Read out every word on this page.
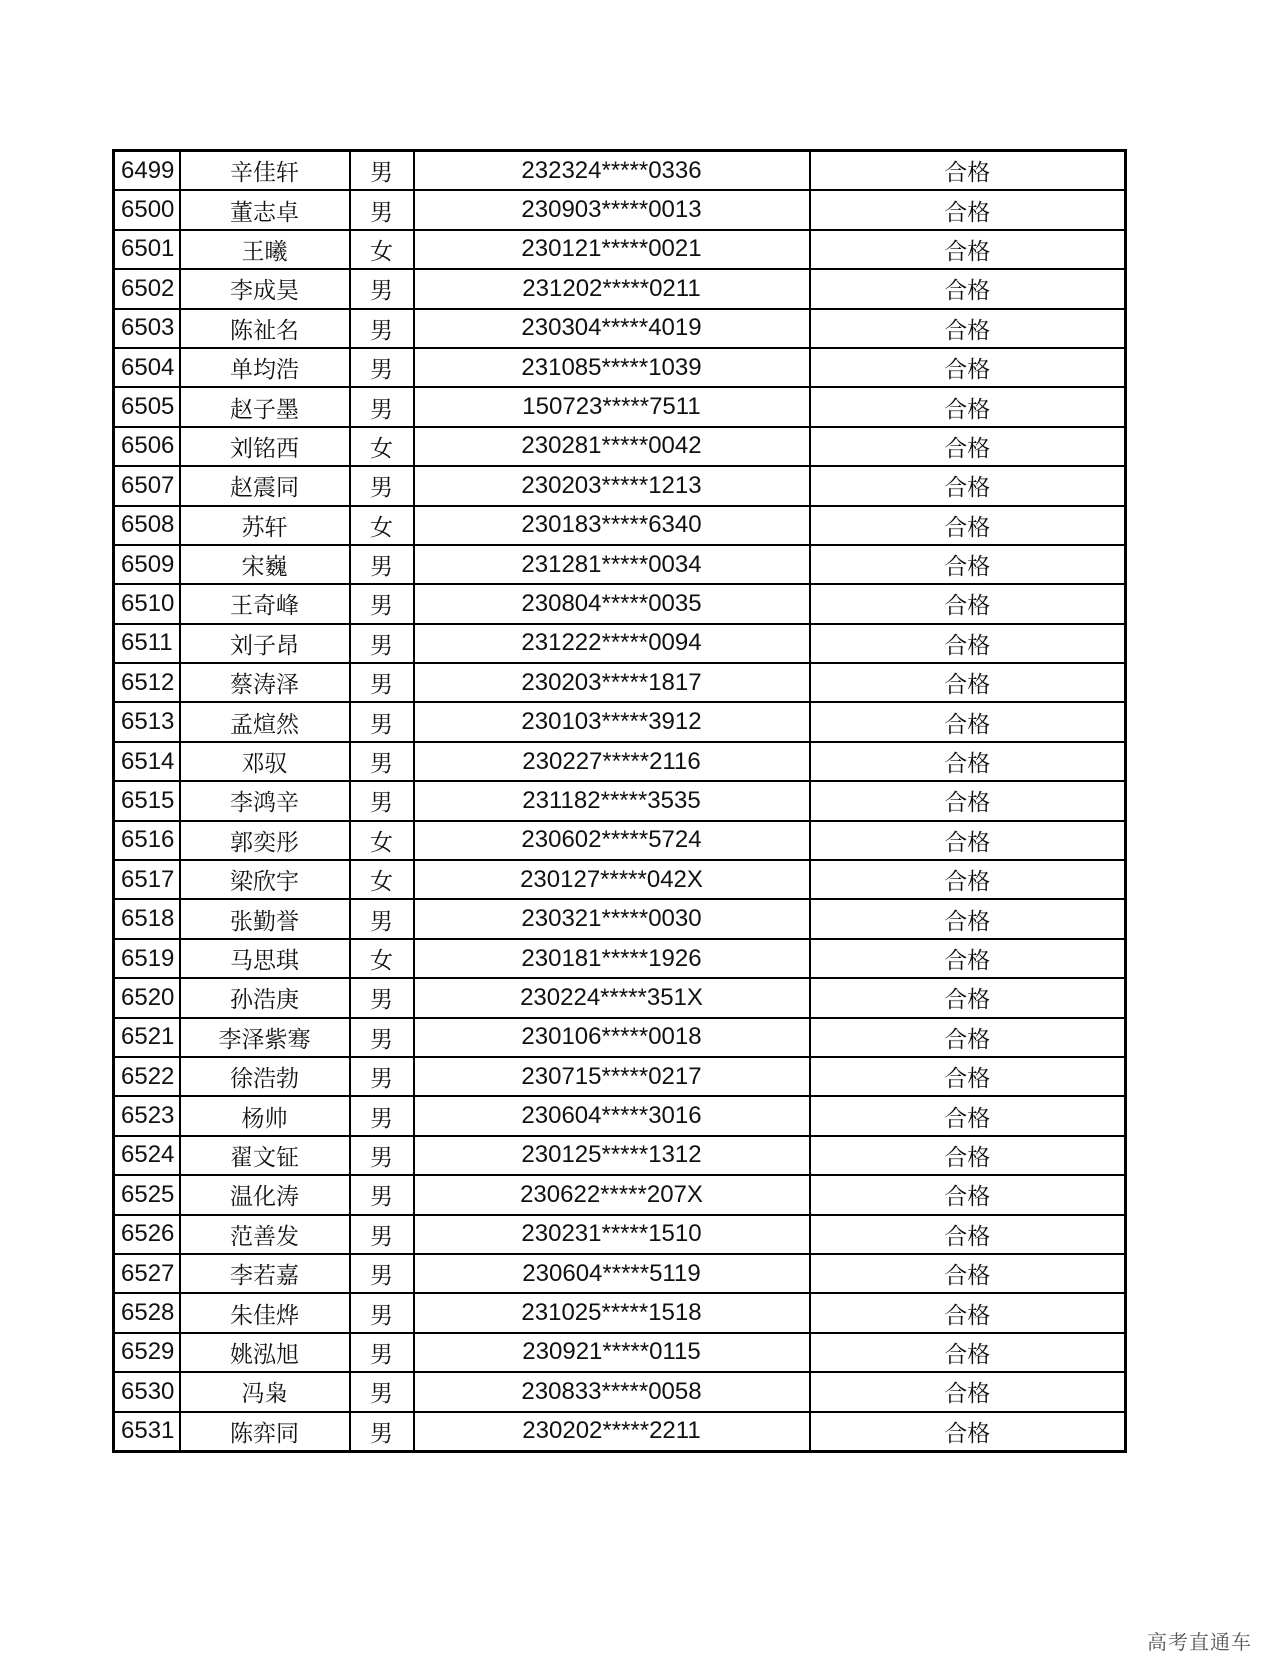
6499	辛佳轩	男	232324*****0336	合格
6500	董志卓	男	230903*****0013	合格
6501	王曦	女	230121*****0021	合格
6502	李成昊	男	231202*****0211	合格
6503	陈祉名	男	230304*****4019	合格
6504	单均浩	男	231085*****1039	合格
6505	赵子墨	男	150723*****7511	合格
6506	刘铭西	女	230281*****0042	合格
6507	赵震同	男	230203*****1213	合格
6508	苏轩	女	230183*****6340	合格
6509	宋巍	男	231281*****0034	合格
6510	王奇峰	男	230804*****0035	合格
6511	刘子昂	男	231222*****0094	合格
6512	蔡涛泽	男	230203*****1817	合格
6513	孟煊然	男	230103*****3912	合格
6514	邓驭	男	230227*****2116	合格
6515	李鸿辛	男	231182*****3535	合格
6516	郭奕彤	女	230602*****5724	合格
6517	梁欣宇	女	230127*****042X	合格
6518	张勤誉	男	230321*****0030	合格
6519	马思琪	女	230181*****1926	合格
6520	孙浩庚	男	230224*****351X	合格
6521	李泽紫骞	男	230106*****0018	合格
6522	徐浩勃	男	230715*****0217	合格
6523	杨帅	男	230604*****3016	合格
6524	翟文钲	男	230125*****1312	合格
6525	温化涛	男	230622*****207X	合格
6526	范善发	男	230231*****1510	合格
6527	李若嘉	男	230604*****5119	合格
6528	朱佳烨	男	231025*****1518	合格
6529	姚泓旭	男	230921*****0115	合格
6530	冯枭	男	230833*****0058	合格
6531	陈弈同	男	230202*****2211	合格
高考直通车
